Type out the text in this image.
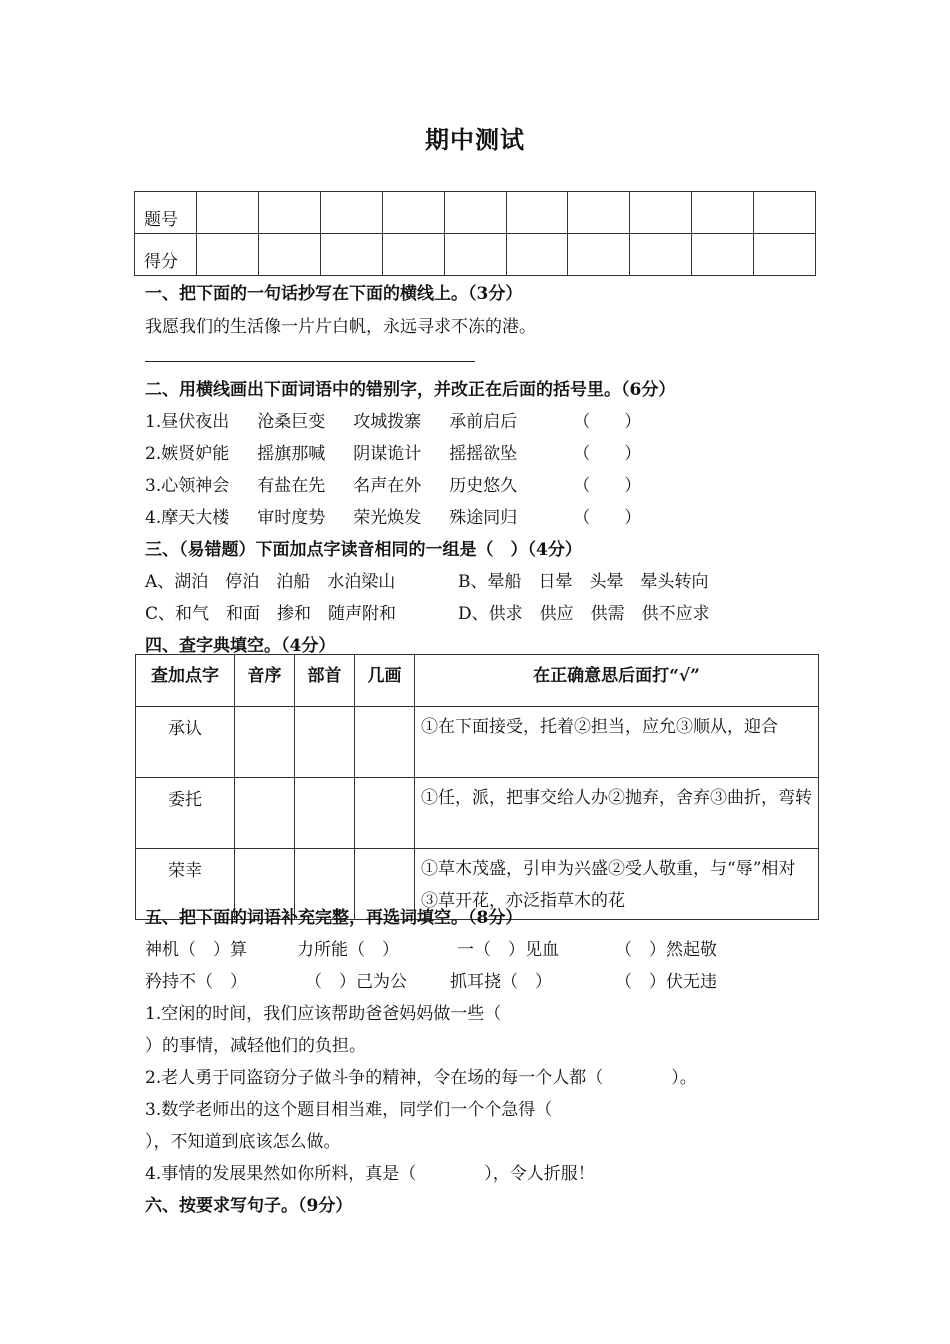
期中测试
题号										
得分										
一、把下面的一句话抄写在下面的横线上。（3分）
我愿我们的生活像一片片白帆，永远寻求不冻的港。
二、用横线画出下面词语中的错别字，并改正在后面的括号里。（6分）
1.昼伏夜出 沧桑巨变 攻城拨寨 承前启后	（　　）
2.嫉贤妒能 摇旗那喊 阴谋诡计 摇摇欲坠	（　　）
3.心领神会 有盐在先 名声在外 历史悠久	（　　）
4.摩天大楼 审时度势 荣光焕发 殊途同归	（　　）
三、（易错题）下面加点字读音相同的一组是（　）（4分）
A、湖泊　停泊　泊船　水泊梁山	B、晕船　日晕　头晕　晕头转向
C、和气　和面　掺和　随声附和	D、供求　供应　供需　供不应求
四、查字典填空。（4分）
查加点字	音序	部首	几画	在正确意思后面打“√”
承认				①在下面接受，托着②担当，应允③顺从，迎合
委托				①任，派，把事交给人办②抛弃，舍弃③曲折，弯转
荣幸				①草木茂盛，引申为兴盛②受人敬重，与“辱”相对③草开花，亦泛指草木的花
五、把下面的词语补充完整，再选词填空。（8分）
神机（　）算	力所能（　）	一（　）见血	（　）然起敬
矜持不（　）	（　）己为公	抓耳挠（　）	（　）伏无违
1.空闲的时间，我们应该帮助爸爸妈妈做一些（
）的事情，减轻他们的负担。
2.老人勇于同盗窃分子做斗争的精神，令在场的每一个人都（　　　　）。
3.数学老师出的这个题目相当难，同学们一个个急得（
），不知道到底该怎么做。
4.事情的发展果然如你所料，真是（　　　　），令人折服！
六、按要求写句子。（9分）
